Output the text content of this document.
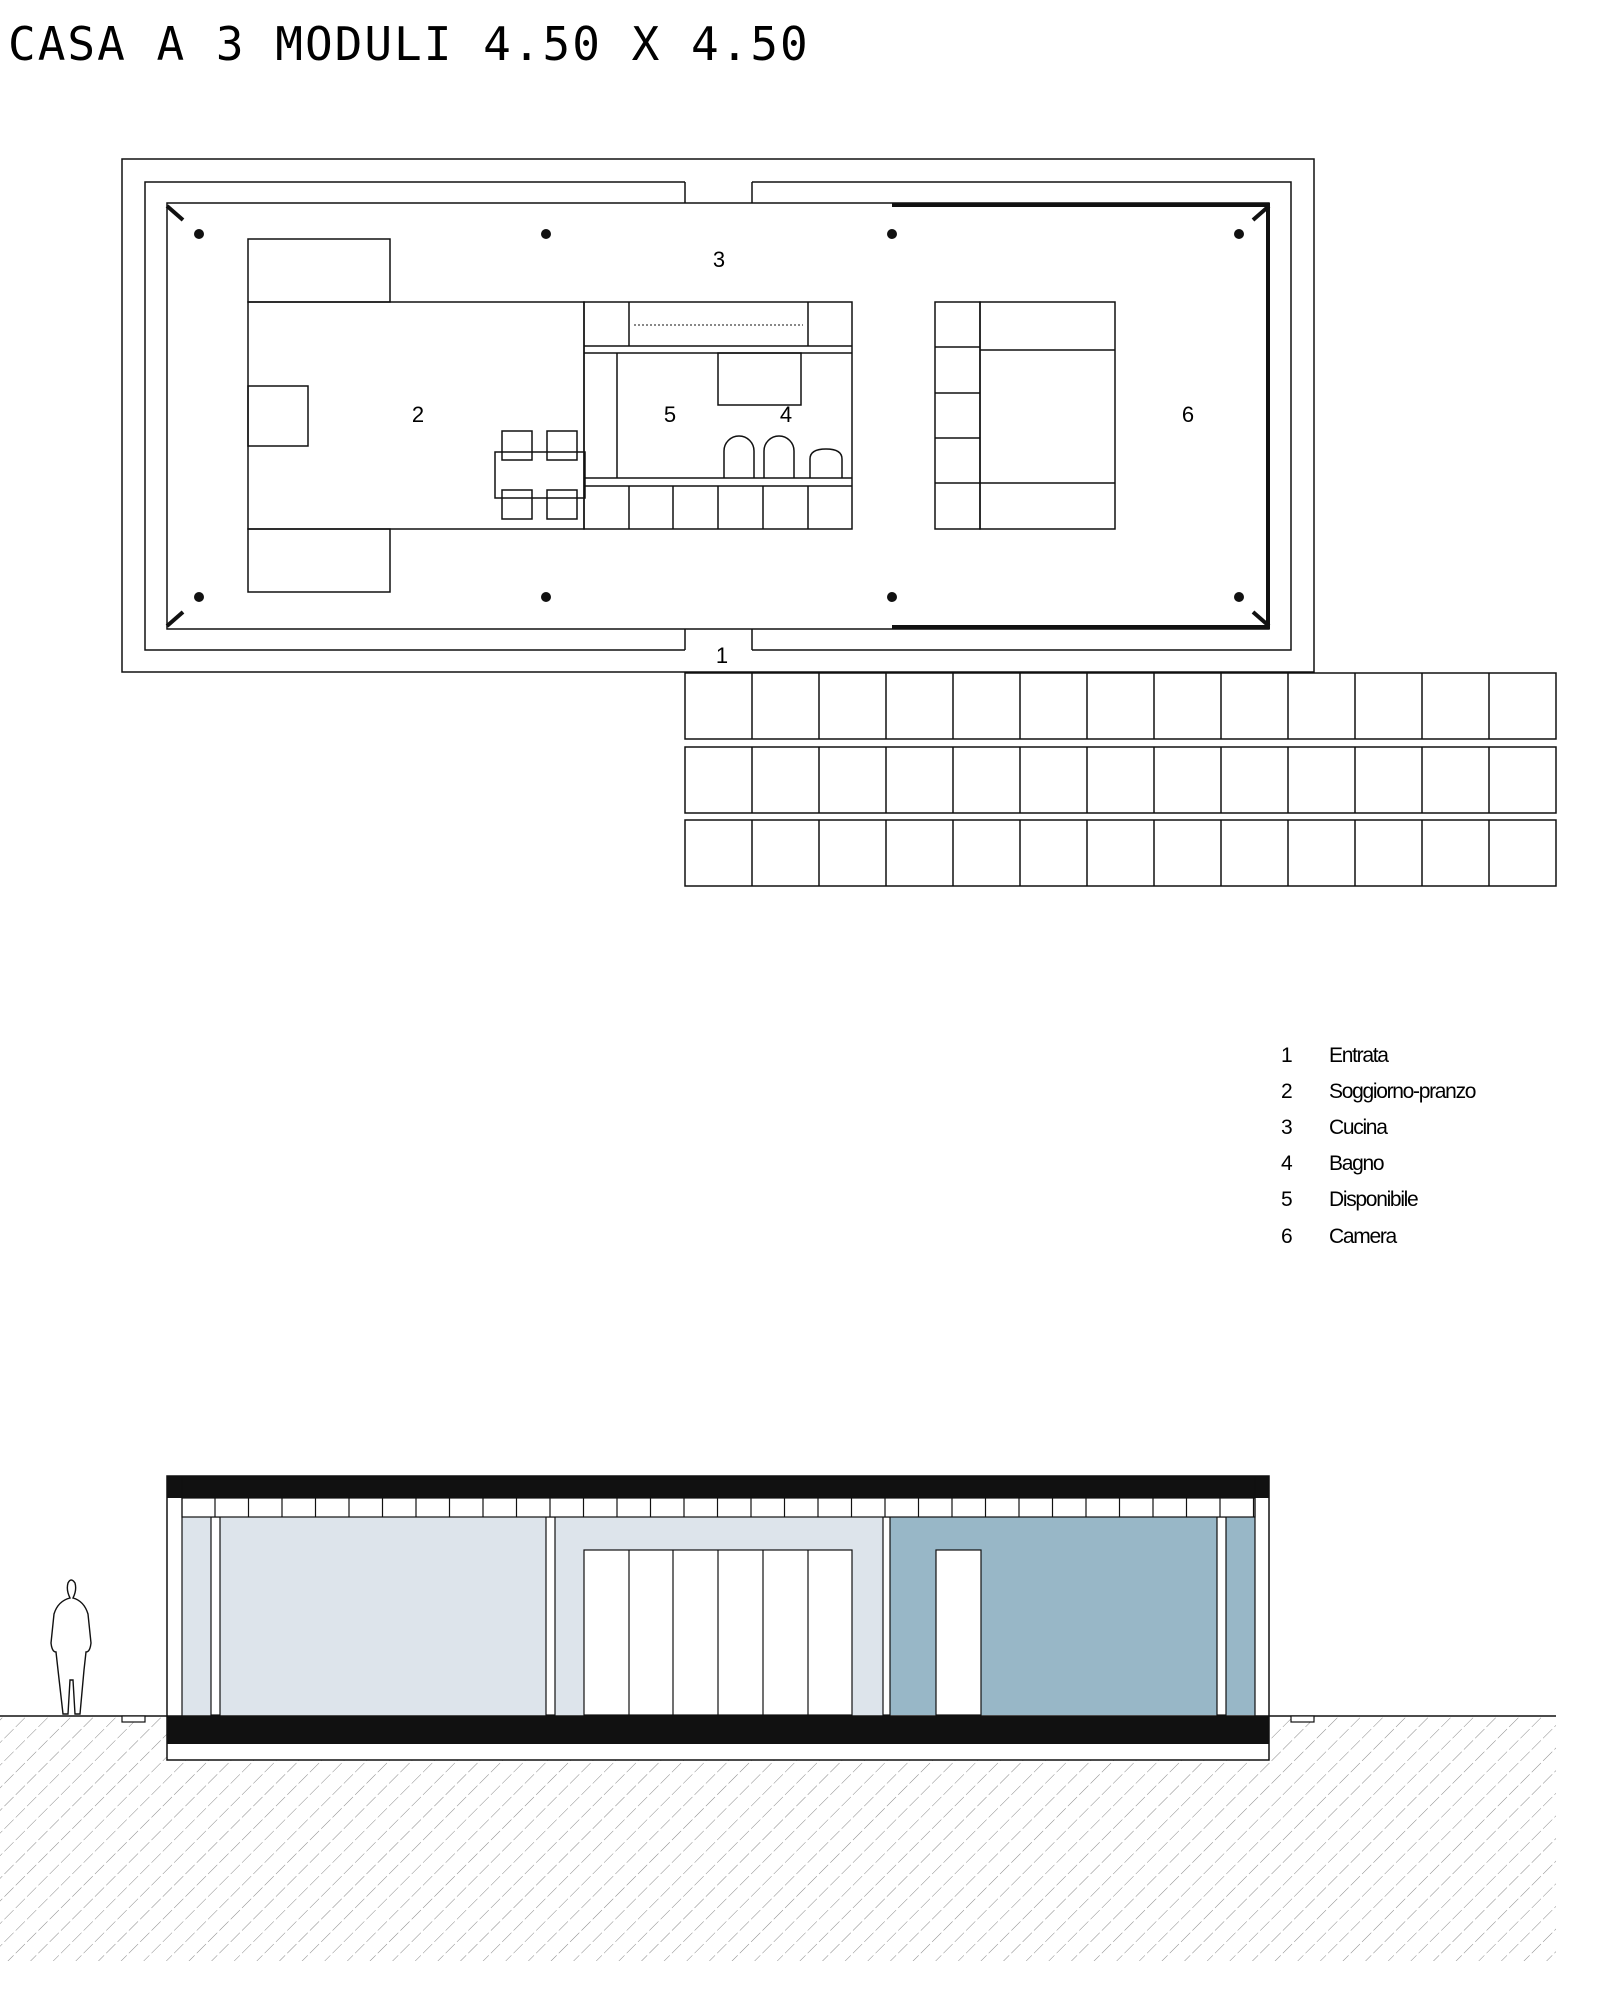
CASA A 3 MODULI 4.50 X 4.50
1
2
3
4
5	6
1 Entrata
2 Soggiorno-pranzo
3 Cucina
4 Bagno
5 Disponibile
6 Camera
